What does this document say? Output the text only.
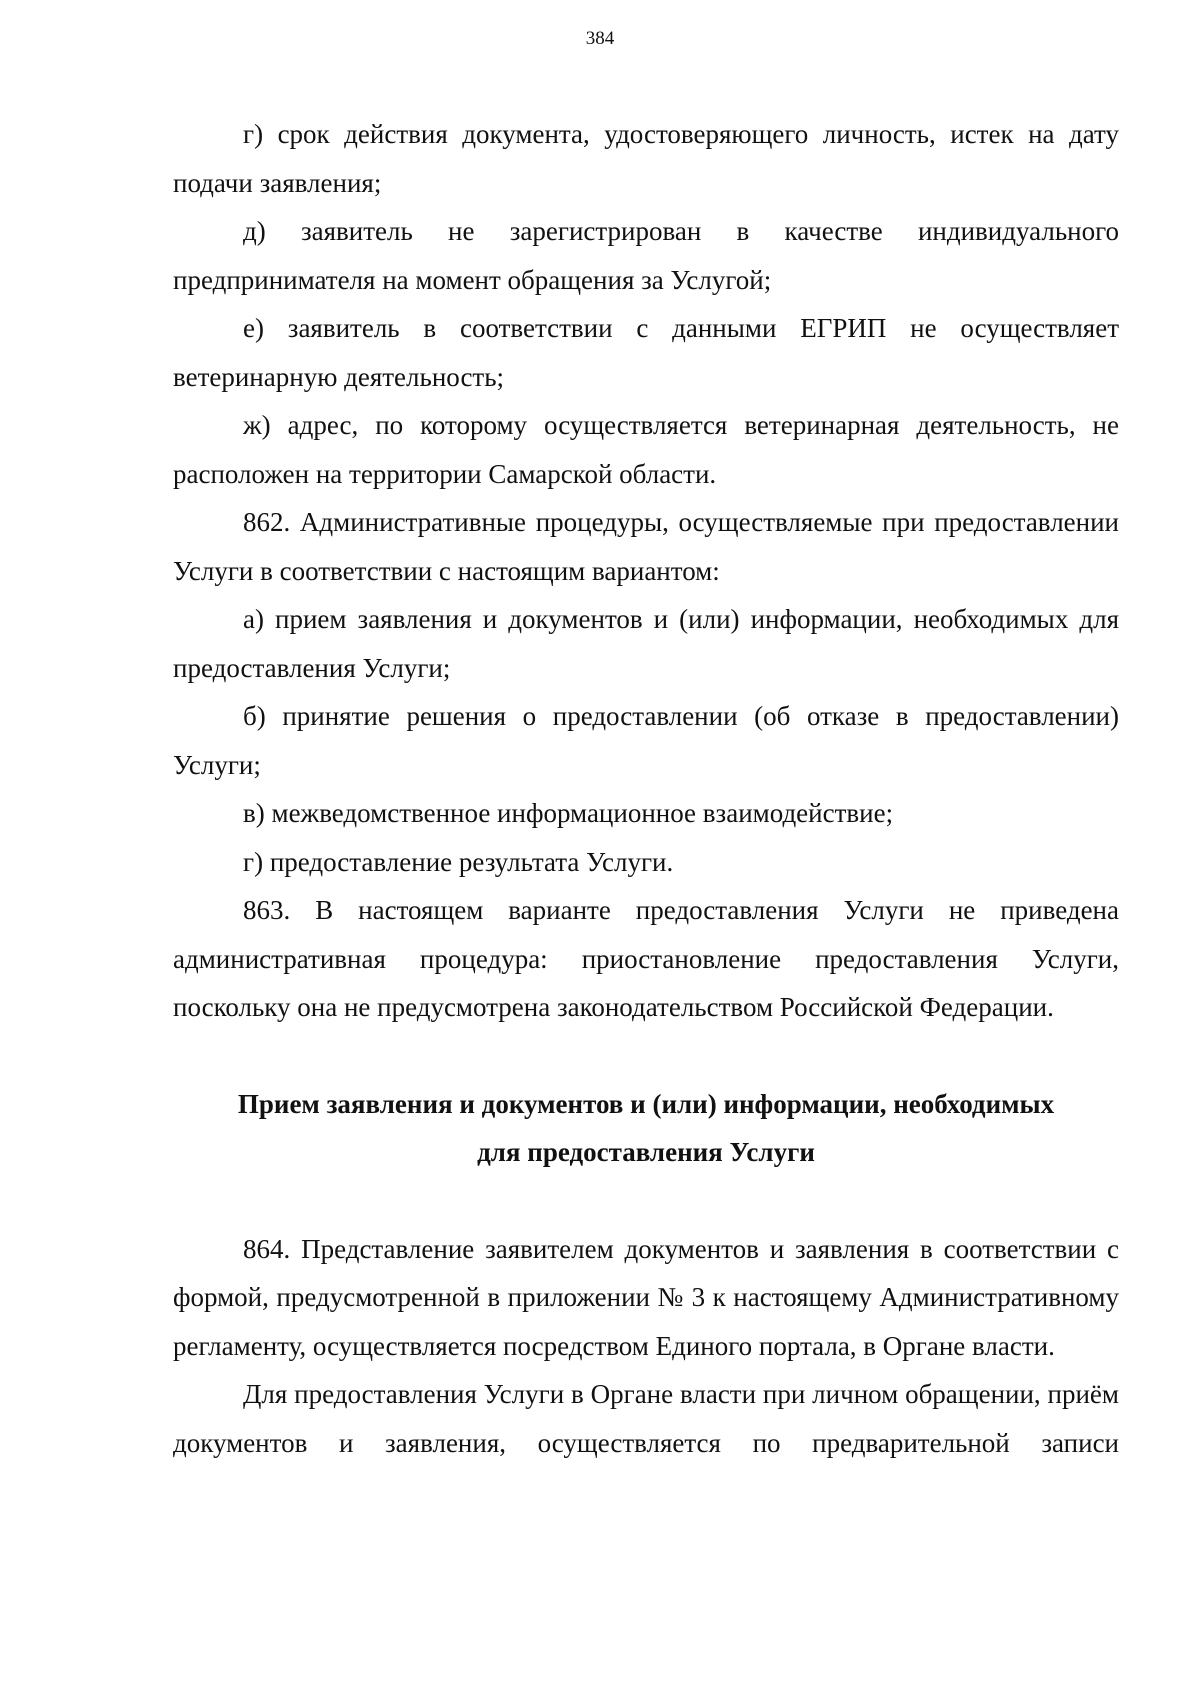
384

г) срок действия документа, удостоверяющего личность, истек на дату подачи заявления;

д) заявитель не зарегистрирован в качестве индивидуального предпринимателя на момент обращения за Услугой;

е) заявитель в соответствии с данными ЕГРИП не осуществляет ветеринарную деятельность;

ж) адрес, по которому осуществляется ветеринарная деятельность, не расположен на территории Самарской области.

862. Административные процедуры, осуществляемые при предоставлении Услуги в соответствии с настоящим вариантом:

а) прием заявления и документов и (или) информации, необходимых для предоставления Услуги;

б) принятие решения о предоставлении (об отказе в предоставлении) Услуги;

в) межведомственное информационное взаимодействие;

г) предоставление результата Услуги.

863. В настоящем варианте предоставления Услуги не приведена административная процедура: приостановление предоставления Услуги, поскольку она не предусмотрена законодательством Российской Федерации.

Прием заявления и документов и (или) информации, необходимых
для предоставления Услуги

864. Представление заявителем документов и заявления в соответствии с формой, предусмотренной в приложении № 3 к настоящему Административному регламенту, осуществляется посредством Единого портала, в Органе власти.

Для предоставления Услуги в Органе власти при личном обращении, приём документов и заявления, осуществляется по предварительной записи
